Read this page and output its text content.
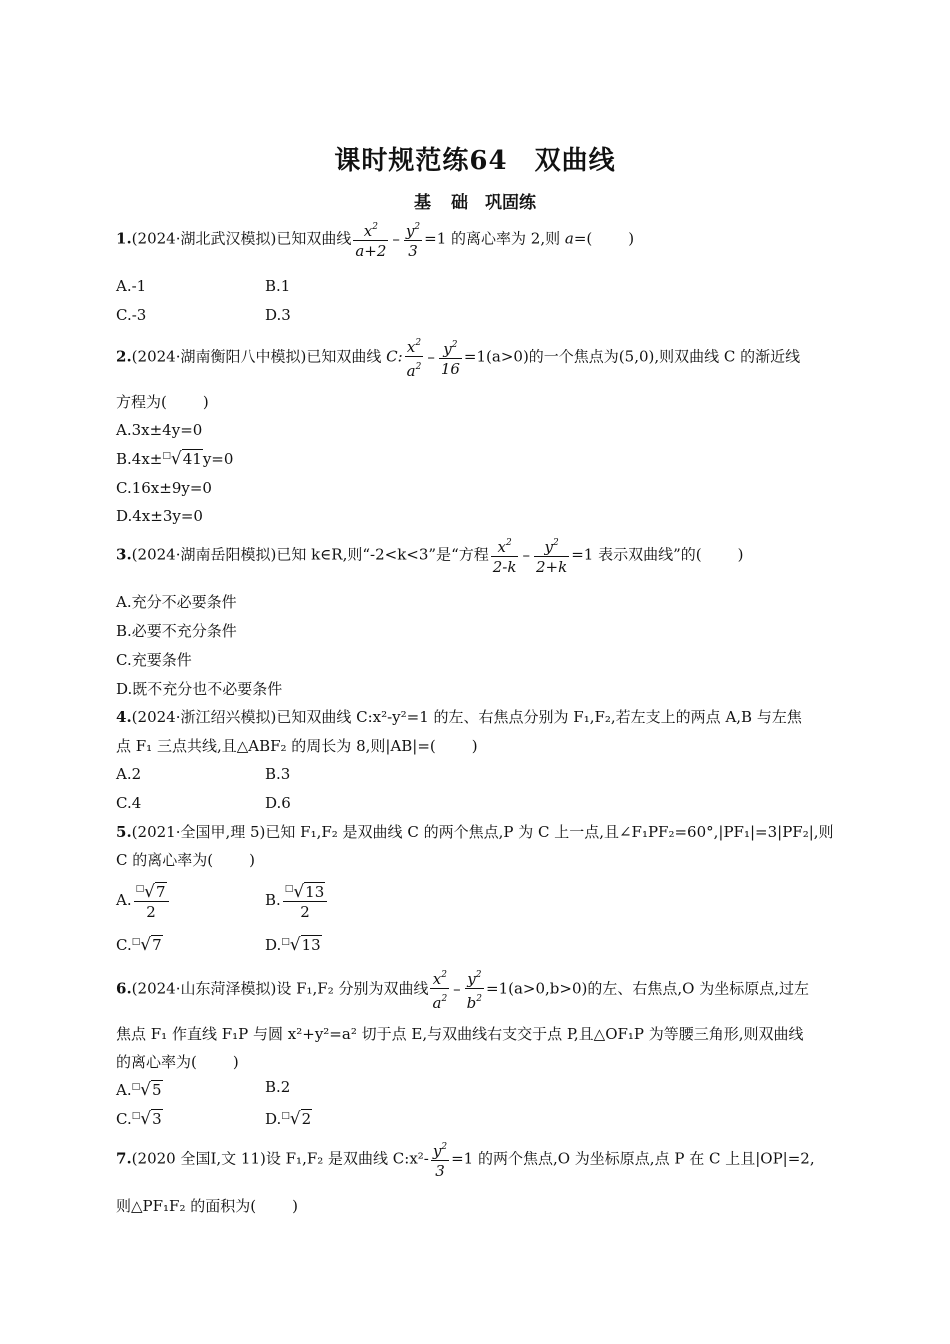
课时规范练64　双曲线
基 础　巩固练
1.(2024·湖北武汉模拟)已知双曲线 $\frac{x^2}{a+2} - \frac{y^2}{3} =1$ 的离心率为 2,则 a=( )
A.-1	B.1
C.-3	D.3
2.(2024·湖南衡阳八中模拟)已知双曲线 C: $\frac{x^2}{a^2} - \frac{y^2}{16} =1(a>0)$的一个焦点为(5,0),则双曲线 C 的渐近线
方程为( )
A.3x±4y=0
B.4x±□√41y=0
C.16x±9y=0
D.4x±3y=0
3.(2024·湖南岳阳模拟)已知 k∈R,则“-2<k<3”是“方程 $\frac{x^2}{2-k} - \frac{y^2}{2+k} =1$ 表示双曲线”的( )
A.充分不必要条件
B.必要不充分条件
C.充要条件
D.既不充分也不必要条件
4.(2024·浙江绍兴模拟)已知双曲线 C:x²-y²=1 的左、右焦点分别为 F₁,F₂,若左支上的两点 A,B 与左焦
点 F₁ 三点共线,且△ABF₂ 的周长为 8,则|AB|=( )
A.2	B.3
C.4	D.6
5.(2021·全国甲,理 5)已知 F₁,F₂ 是双曲线 C 的两个焦点,P 为 C 上一点,且∠F₁PF₂=60°,|PF₁|=3|PF₂|,则
C 的离心率为( )
A. $\frac{^□√7}{2}$	B. $\frac{^□√13}{2}$
C.□√7	D.□√13
6.(2024·山东菏泽模拟)设 F₁,F₂ 分别为双曲线 $\frac{x^2}{a^2} - \frac{y^2}{b^2} =1(a>0,b>0)$的左、右焦点,O 为坐标原点,过左
焦点 F₁ 作直线 F₁P 与圆 x²+y²=a² 切于点 E,与双曲线右支交于点 P,且△OF₁P 为等腰三角形,则双曲线
的离心率为( )
A.□√5	B.2
C.□√3	D.□√2
7.(2020 全国Ⅰ,文 11)设 F₁,F₂ 是双曲线 C:x²- $\frac{y^2}{3} =1$ 的两个焦点,O 为坐标原点,点 P 在 C 上且|OP|=2,
则△PF₁F₂ 的面积为( )
